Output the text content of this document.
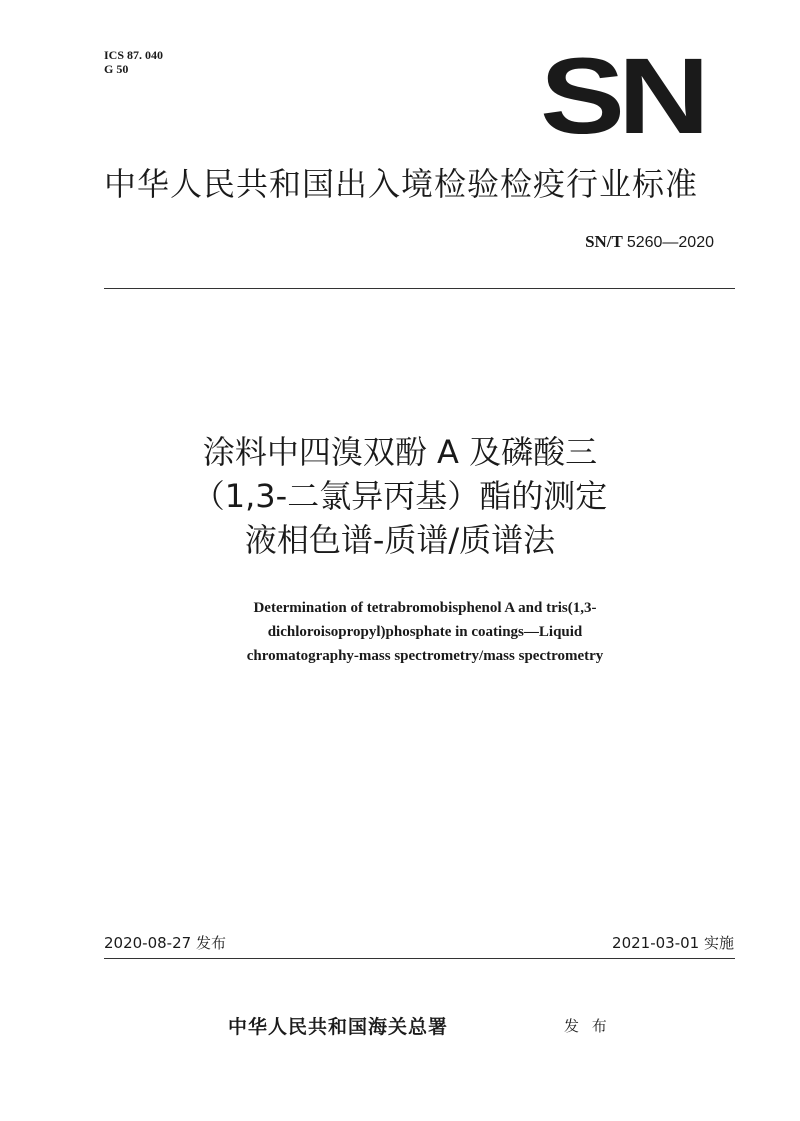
ICS 87. 040
G 50	SN
中华人民共和国出入境检验检疫行业标准
SN/T 5260—2020
涂料中四溴双酚 A 及磷酸三
（1,3-二氯异丙基）酯的测定
液相色谱-质谱/质谱法
Determination of tetrabromobisphenol A and tris(1,3-
dichloroisopropyl)phosphate in coatings—Liquid
chromatography-mass spectrometry/mass spectrometry
2020-08-27 发布	2021-03-01 实施
中华人民共和国海关总署	发 布
